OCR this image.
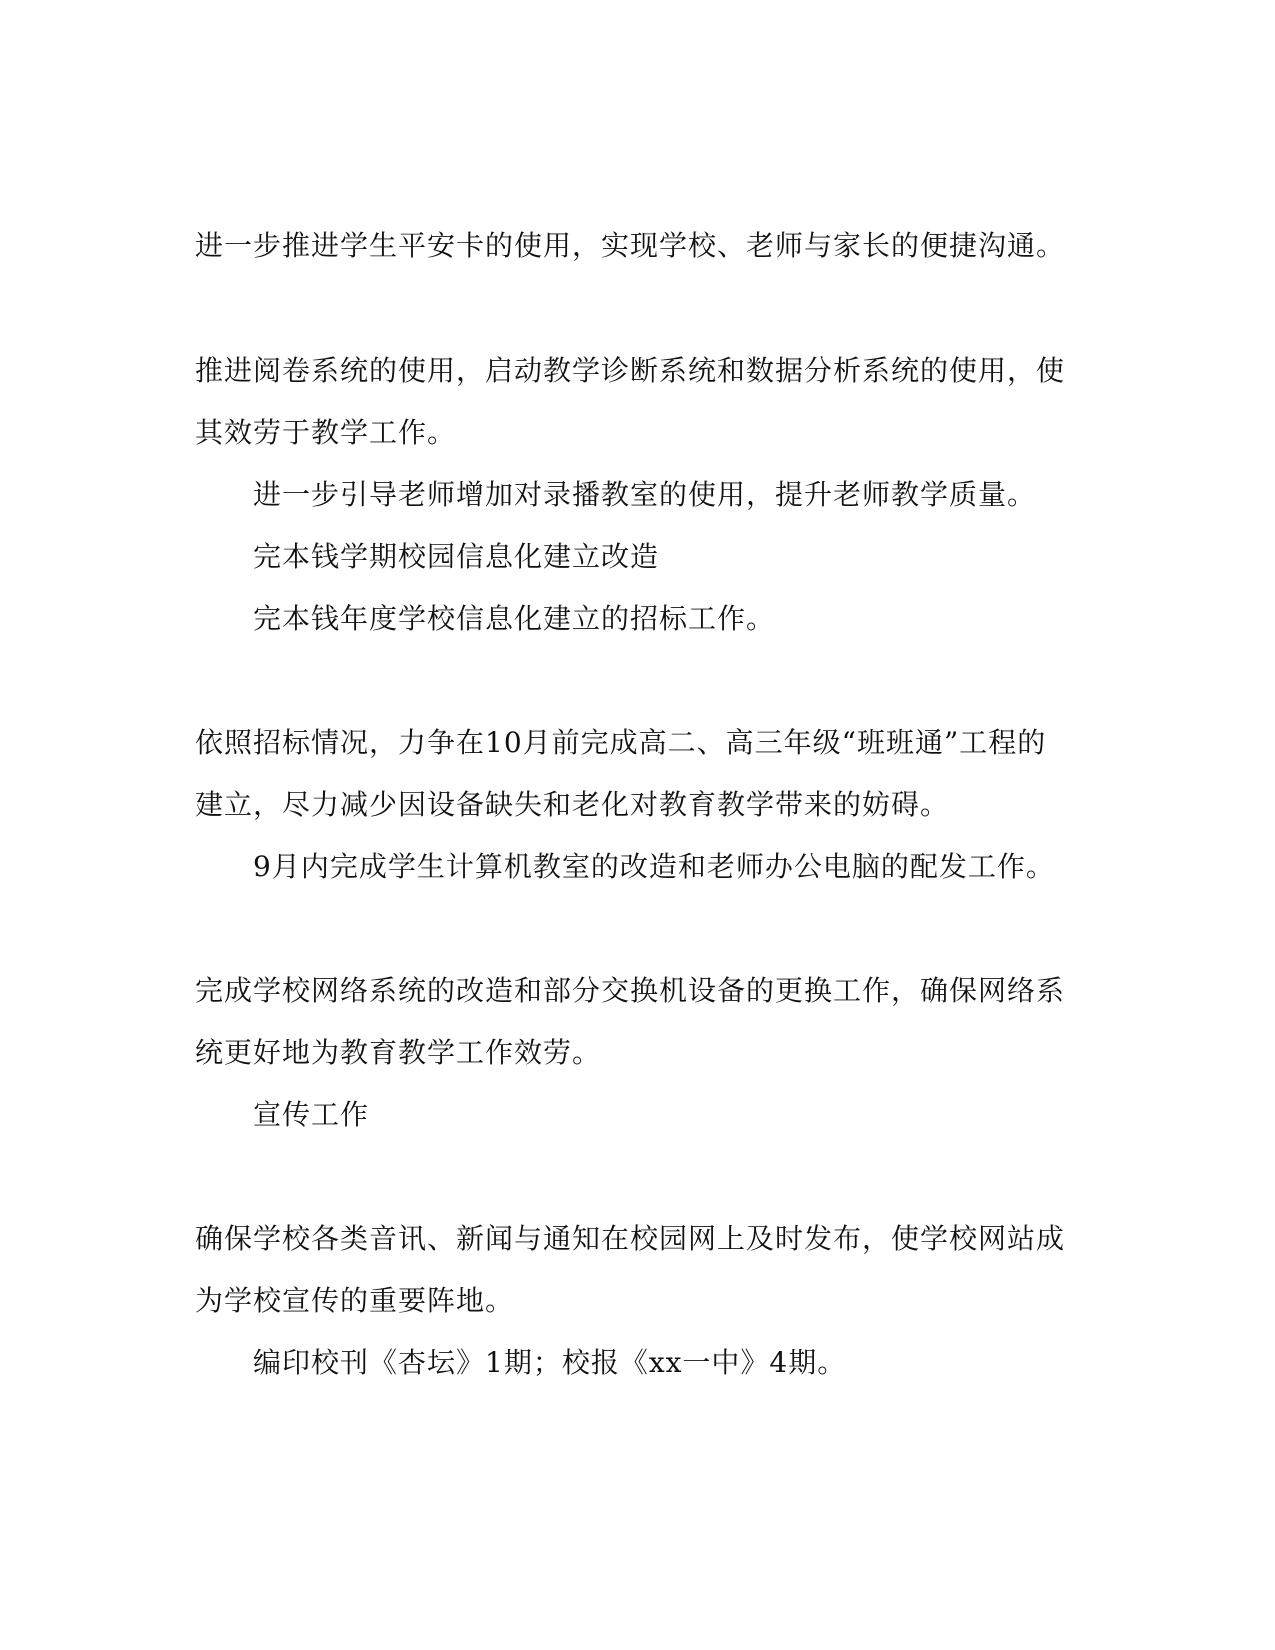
进一步推进学生平安卡的使用，实现学校、老师与家长的便捷沟通。
推进阅卷系统的使用，启动教学诊断系统和数据分析系统的使用，使
其效劳于教学工作。
进一步引导老师增加对录播教室的使用，提升老师教学质量。
完本钱学期校园信息化建立改造
完本钱年度学校信息化建立的招标工作。
依照招标情况，力争在10月前完成高二、高三年级“班班通”工程的
建立，尽力减少因设备缺失和老化对教育教学带来的妨碍。
9月内完成学生计算机教室的改造和老师办公电脑的配发工作。
完成学校网络系统的改造和部分交换机设备的更换工作，确保网络系
统更好地为教育教学工作效劳。
宣传工作
确保学校各类音讯、新闻与通知在校园网上及时发布，使学校网站成
为学校宣传的重要阵地。
编印校刊《杏坛》1期；校报《xx一中》4期。
